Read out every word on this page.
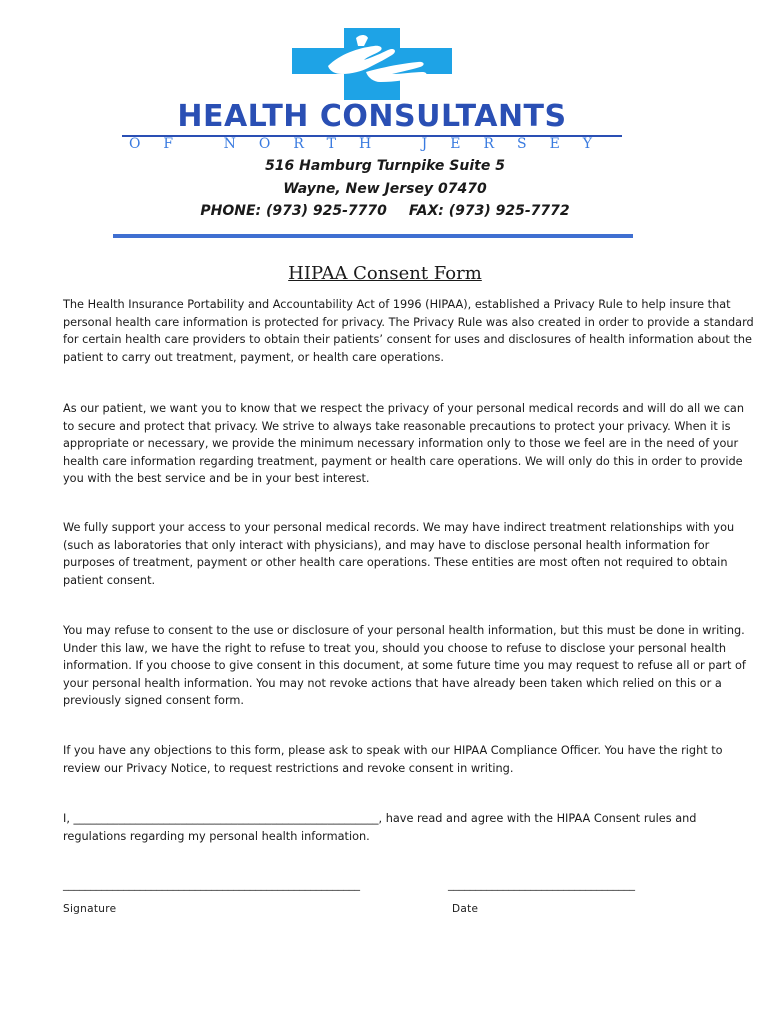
HEALTH CONSULTANTS
OF NORTH JERSEY
516 Hamburg Turnpike Suite 5
Wayne, New Jersey 07470
PHONE: (973) 925-7770 FAX: (973) 925-7772
HIPAA Consent Form

The Health Insurance Portability and Accountability Act of 1996 (HIPAA), established a Privacy Rule to help insure that personal health care information is protected for privacy. The Privacy Rule was also created in order to provide a standard for certain health care providers to obtain their patients’ consent for uses and disclosures of health information about the patient to carry out treatment, payment, or health care operations.

As our patient, we want you to know that we respect the privacy of your personal medical records and will do all we can to secure and protect that privacy. We strive to always take reasonable precautions to protect your privacy. When it is appropriate or necessary, we provide the minimum necessary information only to those we feel are in the need of your health care information regarding treatment, payment or health care operations. We will only do this in order to provide you with the best service and be in your best interest.

We fully support your access to your personal medical records. We may have indirect treatment relationships with you (such as laboratories that only interact with physicians), and may have to disclose personal health information for purposes of treatment, payment or other health care operations. These entities are most often not required to obtain patient consent.

You may refuse to consent to the use or disclosure of your personal health information, but this must be done in writing. Under this law, we have the right to refuse to treat you, should you choose to refuse to disclose your personal health information. If you choose to give consent in this document, at some future time you may request to refuse all or part of your personal health information. You may not revoke actions that have already been taken which relied on this or a previously signed consent form.

If you have any objections to this form, please ask to speak with our HIPAA Compliance Officer. You have the right to review our Privacy Notice, to request restrictions and revoke consent in writing.

I, ______________________________________________________, have read and agree with the HIPAA Consent rules and regulations regarding my personal health information.

______________________________________________________	__________________________________
Signature	Date
